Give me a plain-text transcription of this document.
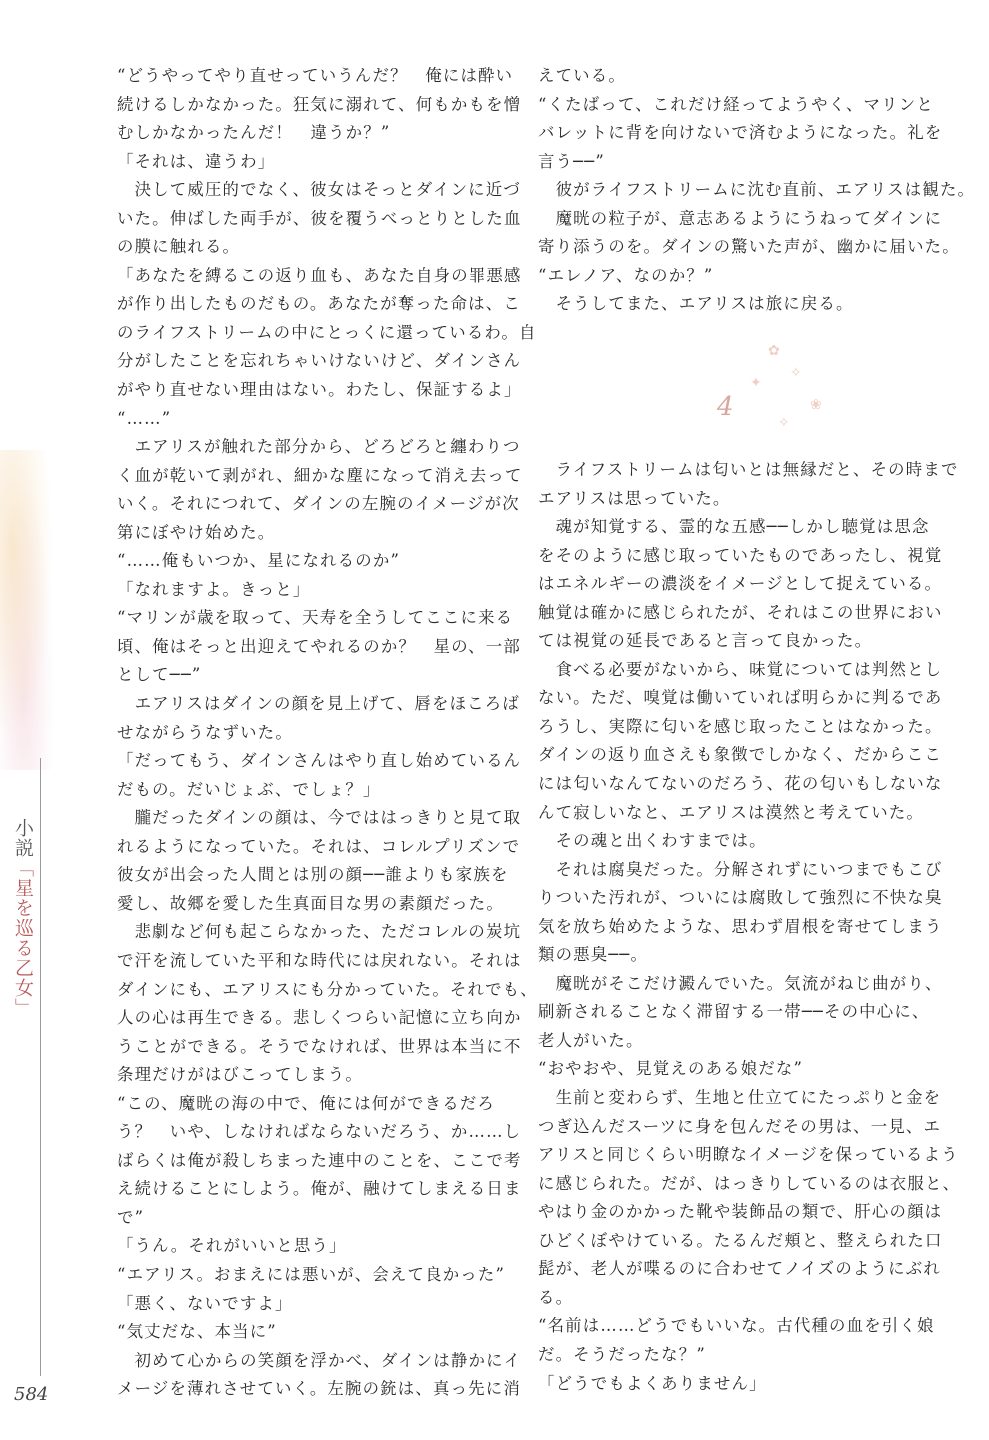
“どうやってやり直せっていうんだ？　俺には酔い
続けるしかなかった。狂気に溺れて、何もかもを憎
むしかなかったんだ！　違うか？”
「それは、違うわ」
　決して威圧的でなく、彼女はそっとダインに近づ
いた。伸ばした両手が、彼を覆うべっとりとした血
の膜に触れる。
「あなたを縛るこの返り血も、あなた自身の罪悪感
が作り出したものだもの。あなたが奪った命は、こ
のライフストリームの中にとっくに還っているわ。自
分がしたことを忘れちゃいけないけど、ダインさん
がやり直せない理由はない。わたし、保証するよ」
“……”
　エアリスが触れた部分から、どろどろと纏わりつ
く血が乾いて剥がれ、細かな塵になって消え去って
いく。それにつれて、ダインの左腕のイメージが次
第にぼやけ始めた。
“……俺もいつか、星になれるのか”
「なれますよ。きっと」
“マリンが歳を取って、天寿を全うしてここに来る
頃、俺はそっと出迎えてやれるのか？　星の、一部
として──”
　エアリスはダインの顔を見上げて、唇をほころば
せながらうなずいた。
「だってもう、ダインさんはやり直し始めているん
だもの。だいじょぶ、でしょ？」
　朧だったダインの顔は、今でははっきりと見て取
れるようになっていた。それは、コレルプリズンで
彼女が出会った人間とは別の顔──誰よりも家族を
愛し、故郷を愛した生真面目な男の素顔だった。
　悲劇など何も起こらなかった、ただコレルの炭坑
で汗を流していた平和な時代には戻れない。それは
ダインにも、エアリスにも分かっていた。それでも、
人の心は再生できる。悲しくつらい記憶に立ち向か
うことができる。そうでなければ、世界は本当に不
条理だけがはびこってしまう。
“この、魔晄の海の中で、俺には何ができるだろ
う？　いや、しなければならないだろう、か……し
ばらくは俺が殺しちまった連中のことを、ここで考
え続けることにしよう。俺が、融けてしまえる日ま
で”
「うん。それがいいと思う」
“エアリス。おまえには悪いが、会えて良かった”
「悪く、ないですよ」
“気丈だな、本当に”
　初めて心からの笑顔を浮かべ、ダインは静かにイ
メージを薄れさせていく。左腕の銃は、真っ先に消
えている。
“くたばって、これだけ経ってようやく、マリンと
バレットに背を向けないで済むようになった。礼を
言う──”
　彼がライフストリームに沈む直前、エアリスは観た。
　魔晄の粒子が、意志あるようにうねってダインに
寄り添うのを。ダインの驚いた声が、幽かに届いた。
“エレノア、なのか？”
　そうしてまた、エアリスは旅に戻る。
✿
✧
✦
❀
✧
4
　ライフストリームは匂いとは無縁だと、その時まで
エアリスは思っていた。
　魂が知覚する、霊的な五感──しかし聴覚は思念
をそのように感じ取っていたものであったし、視覚
はエネルギーの濃淡をイメージとして捉えている。
触覚は確かに感じられたが、それはこの世界におい
ては視覚の延長であると言って良かった。
　食べる必要がないから、味覚については判然とし
ない。ただ、嗅覚は働いていれば明らかに判るであ
ろうし、実際に匂いを感じ取ったことはなかった。
ダインの返り血さえも象徴でしかなく、だからここ
には匂いなんてないのだろう、花の匂いもしないな
んて寂しいなと、エアリスは漠然と考えていた。
　その魂と出くわすまでは。
　それは腐臭だった。分解されずにいつまでもこび
りついた汚れが、ついには腐敗して強烈に不快な臭
気を放ち始めたような、思わず眉根を寄せてしまう
類の悪臭──。
　魔晄がそこだけ澱んでいた。気流がねじ曲がり、
刷新されることなく滞留する一帯──その中心に、
老人がいた。
“おやおや、見覚えのある娘だな”
　生前と変わらず、生地と仕立てにたっぷりと金を
つぎ込んだスーツに身を包んだその男は、一見、エ
アリスと同じくらい明瞭なイメージを保っているよう
に感じられた。だが、はっきりしているのは衣服と、
やはり金のかかった靴や装飾品の類で、肝心の顔は
ひどくぼやけている。たるんだ頬と、整えられた口
髭が、老人が喋るのに合わせてノイズのようにぶれ
る。
“名前は……どうでもいいな。古代種の血を引く娘
だ。そうだったな？”
「どうでもよくありません」
小説「星を巡る乙女」
584
